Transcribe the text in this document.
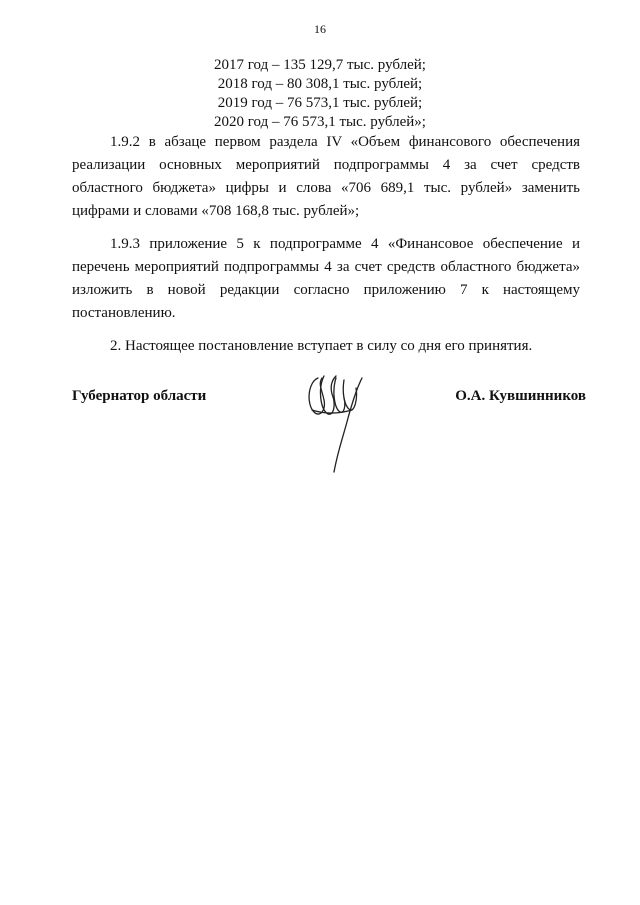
16
2017 год – 135 129,7 тыс. рублей;
2018 год – 80 308,1 тыс. рублей;
2019 год – 76 573,1 тыс. рублей;
2020 год – 76 573,1 тыс. рублей»;

1.9.2 в абзаце первом раздела IV «Объем финансового обеспечения реализации основных мероприятий подпрограммы 4 за счет средств областного бюджета» цифры и слова «706 689,1 тыс. рублей» заменить цифрами и словами «708 168,8 тыс. рублей»;

1.9.3 приложение 5 к подпрограмме 4 «Финансовое обеспечение и перечень мероприятий подпрограммы 4 за счет средств областного бюджета» изложить в новой редакции согласно приложению 7 к настоящему постановлению.

2. Настоящее постановление вступает в силу со дня его принятия.

Губернатор области	О.А. Кувшинников
